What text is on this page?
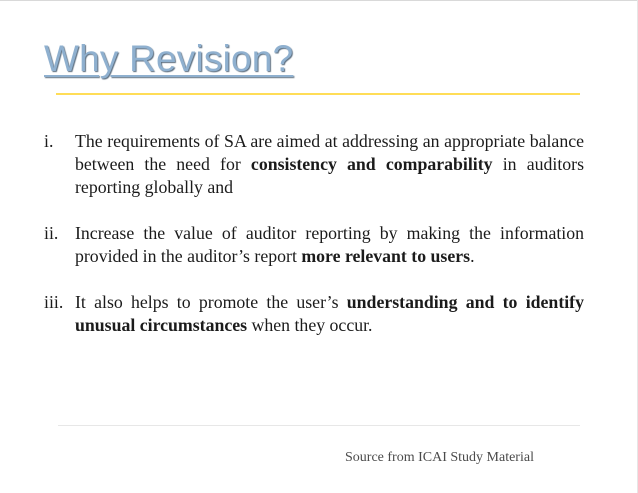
Why Revision?
i.	The requirements of SA are aimed at addressing an appropriate balance between the need for consistency and comparability in auditors reporting globally and
ii. Increase the value of auditor reporting by making the information provided in the auditor’s report more relevant to users.
iii. It also helps to promote the user’s understanding and to identify unusual circumstances when they occur.
Source from ICAI Study Material
